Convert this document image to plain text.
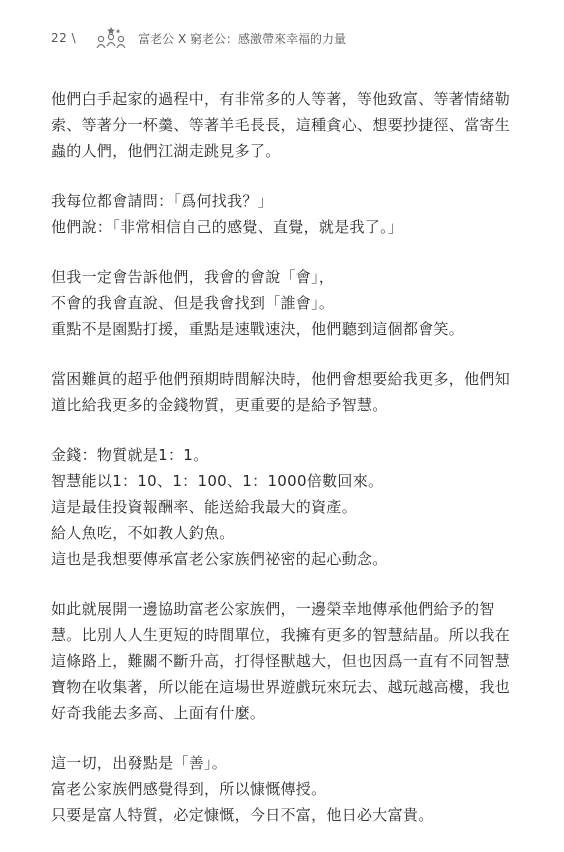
22 \	富老公 X 窮老公：感激帶來幸福的力量
他們白手起家的過程中，有非常多的人等著，等他致富、等著情緒勒
索、等著分一杯羹、等著羊毛長長，這種貪心、想要抄捷徑、當寄生
蟲的人們，他們江湖走跳見多了。
我每位都會請問：「爲何找我？」
他們說：「非常相信自己的感覺、直覺，就是我了。」
但我一定會告訴他們，我會的會說「會」，
不會的我會直說、但是我會找到「誰會」。
重點不是園點打援，重點是速戰速決，他們聽到這個都會笑。
當困難眞的超乎他們預期時間解決時，他們會想要給我更多，他們知
道比給我更多的金錢物質，更重要的是給予智慧。
金錢：物質就是1：1。
智慧能以1：10、1：100、1：1000倍數回來。
這是最佳投資報酬率、能送給我最大的資產。
給人魚吃，不如教人釣魚。
這也是我想要傳承富老公家族們祕密的起心動念。
如此就展開一邊協助富老公家族們，一邊榮幸地傳承他們給予的智
慧。比別人人生更短的時間單位，我擁有更多的智慧結晶。所以我在
這條路上，難關不斷升高，打得怪獸越大，但也因爲一直有不同智慧
寶物在收集著，所以能在這場世界遊戲玩來玩去、越玩越高樓，我也
好奇我能去多高、上面有什麼。
這一切，出發點是「善」。
富老公家族們感覺得到，所以慷慨傳授。
只要是富人特質，必定慷慨，今日不富，他日必大富貴。
